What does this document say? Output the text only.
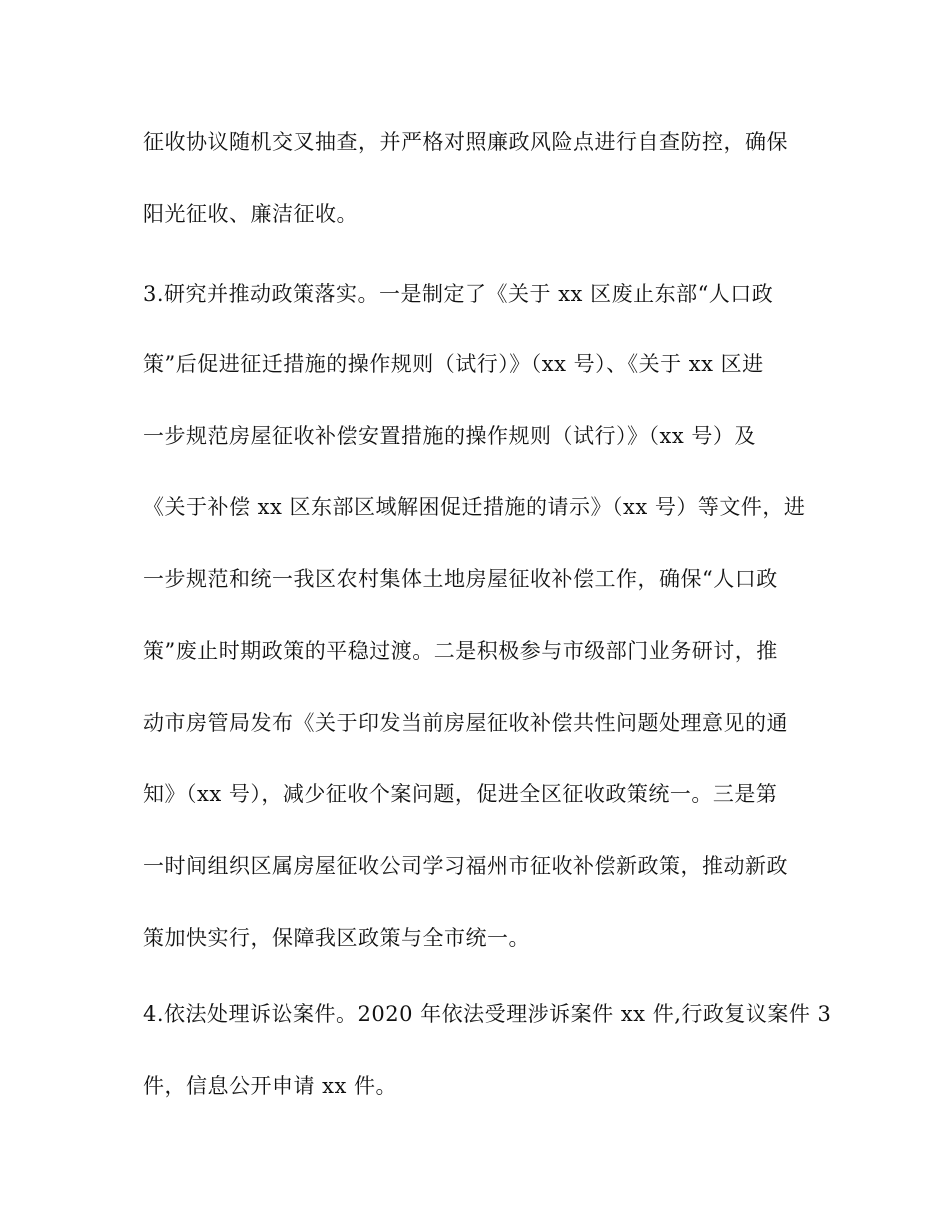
征收协议随机交叉抽查，并严格对照廉政风险点进行自查防控，确保
阳光征收、廉洁征收。
3.研究并推动政策落实。一是制定了《关于 xx 区废止东部“人口政
策”后促进征迁措施的操作规则（试行）》（xx 号）、《关于 xx 区进
一步规范房屋征收补偿安置措施的操作规则（试行）》（xx 号）及
《关于补偿 xx 区东部区域解困促迁措施的请示》（xx 号）等文件，进
一步规范和统一我区农村集体土地房屋征收补偿工作，确保“人口政
策”废止时期政策的平稳过渡。二是积极参与市级部门业务研讨，推
动市房管局发布《关于印发当前房屋征收补偿共性问题处理意见的通
知》（xx 号），减少征收个案问题，促进全区征收政策统一。三是第
一时间组织区属房屋征收公司学习福州市征收补偿新政策，推动新政
策加快实行，保障我区政策与全市统一。
4.依法处理诉讼案件。2020 年依法受理涉诉案件 xx 件,行政复议案件 3
件，信息公开申请 xx 件。
